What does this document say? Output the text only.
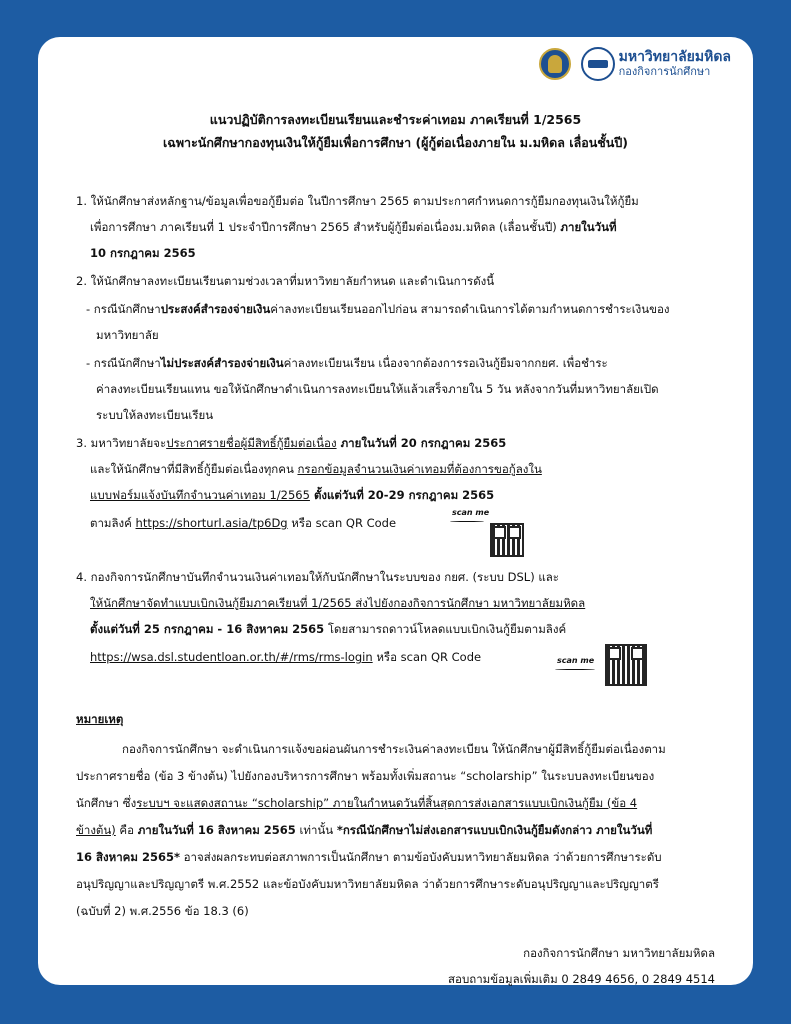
มหาวิทยาลัยมหิดล
กองกิจการนักศึกษา
แนวปฏิบัติการลงทะเบียนเรียนและชำระค่าเทอม ภาคเรียนที่ 1/2565
เฉพาะนักศึกษากองทุนเงินให้กู้ยืมเพื่อการศึกษา (ผู้กู้ต่อเนื่องภายใน ม.มหิดล เลื่อนชั้นปี)
1. ให้นักศึกษาส่งหลักฐาน/ข้อมูลเพื่อขอกู้ยืมต่อ ในปีการศึกษา 2565 ตามประกาศกำหนดการกู้ยืมกองทุนเงินให้กู้ยืม
เพื่อการศึกษา ภาคเรียนที่ 1 ประจำปีการศึกษา 2565 สำหรับผู้กู้ยืมต่อเนื่องม.มหิดล (เลื่อนชั้นปี) ภายในวันที่
10 กรกฎาคม 2565
2. ให้นักศึกษาลงทะเบียนเรียนตามช่วงเวลาที่มหาวิทยาลัยกำหนด และดำเนินการดังนี้
- กรณีนักศึกษาประสงค์สำรองจ่ายเงินค่าลงทะเบียนเรียนออกไปก่อน สามารถดำเนินการได้ตามกำหนดการชำระเงินของ
มหาวิทยาลัย
- กรณีนักศึกษาไม่ประสงค์สำรองจ่ายเงินค่าลงทะเบียนเรียน เนื่องจากต้องการรอเงินกู้ยืมจากกยศ. เพื่อชำระ
ค่าลงทะเบียนเรียนแทน ขอให้นักศึกษาดำเนินการลงทะเบียนให้แล้วเสร็จภายใน 5 วัน หลังจากวันที่มหาวิทยาลัยเปิด
ระบบให้ลงทะเบียนเรียน
3. มหาวิทยาลัยจะประกาศรายชื่อผู้มีสิทธิ์กู้ยืมต่อเนื่อง ภายในวันที่ 20 กรกฎาคม 2565
และให้นักศึกษาที่มีสิทธิ์กู้ยืมต่อเนื่องทุกคน กรอกข้อมูลจำนวนเงินค่าเทอมที่ต้องการขอกู้ลงใน
แบบฟอร์มแจ้งบันทึกจำนวนค่าเทอม 1/2565 ตั้งแต่วันที่ 20-29 กรกฎาคม 2565
ตามลิงค์ https://shorturl.asia/tp6Dg หรือ scan QR Code
scan me
4. กองกิจการนักศึกษาบันทึกจำนวนเงินค่าเทอมให้กับนักศึกษาในระบบของ กยศ. (ระบบ DSL) และ
ให้นักศึกษาจัดทำแบบเบิกเงินกู้ยืมภาคเรียนที่ 1/2565 ส่งไปยังกองกิจการนักศึกษา มหาวิทยาลัยมหิดล
ตั้งแต่วันที่ 25 กรกฎาคม - 16 สิงหาคม 2565 โดยสามารถดาวน์โหลดแบบเบิกเงินกู้ยืมตามลิงค์
https://wsa.dsl.studentloan.or.th/#/rms/rms-login หรือ scan QR Code	scan me
หมายเหตุ
กองกิจการนักศึกษา จะดำเนินการแจ้งขอผ่อนผันการชำระเงินค่าลงทะเบียน ให้นักศึกษาผู้มีสิทธิ์กู้ยืมต่อเนื่องตาม
ประกาศรายชื่อ (ข้อ 3 ข้างต้น) ไปยังกองบริหารการศึกษา พร้อมทั้งเพิ่มสถานะ “scholarship” ในระบบลงทะเบียนของ
นักศึกษา ซึ่งระบบฯ จะแสดงสถานะ “scholarship” ภายในกำหนดวันที่สิ้นสุดการส่งเอกสารแบบเบิกเงินกู้ยืม (ข้อ 4
ข้างต้น) คือ ภายในวันที่ 16 สิงหาคม 2565 เท่านั้น *กรณีนักศึกษาไม่ส่งเอกสารแบบเบิกเงินกู้ยืมดังกล่าว ภายในวันที่
16 สิงหาคม 2565* อาจส่งผลกระทบต่อสภาพการเป็นนักศึกษา ตามข้อบังคับมหาวิทยาลัยมหิดล ว่าด้วยการศึกษาระดับ
อนุปริญญาและปริญญาตรี พ.ศ.2552 และข้อบังคับมหาวิทยาลัยมหิดล ว่าด้วยการศึกษาระดับอนุปริญญาและปริญญาตรี
(ฉบับที่ 2) พ.ศ.2556 ข้อ 18.3 (6)
กองกิจการนักศึกษา มหาวิทยาลัยมหิดล
สอบถามข้อมูลเพิ่มเติม 0 2849 4656, 0 2849 4514
